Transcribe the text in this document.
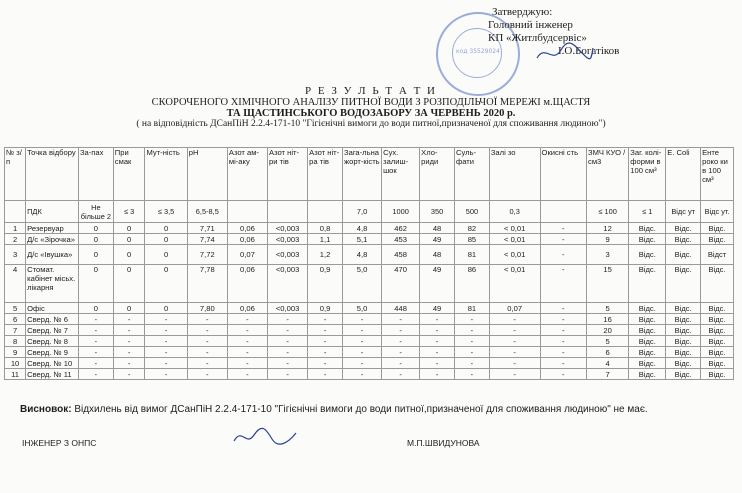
код 35529024
Затверджую:
Головний інженер
КП «Житлбудсервіс»
І.О.Богатіков
Р Е З У Л Ь Т А Т И
СКОРОЧЕНОГО ХІМІЧНОГО АНАЛІЗУ ПИТНОЇ ВОДИ З РОЗПОДІЛЬЧОЇ МЕРЕЖІ м.ЩАСТЯ
ТА ЩАСТИНСЬКОГО ВОДОЗАБОРУ ЗА ЧЕРВЕНЬ 2020 р.
( на відповідність ДСанПіН 2.2.4-171-10 "Гігієнічні вимоги до води питної,призначеної для споживання людиною")
№ з/п	Точка відбору	За-пах	При смак	Мут-ність	pH	Азот ам-мі-аку	Азот ніт-ри тів	Азот ніт-ра тів	Зага-льна жорт-кість	Сух. залиш-шок	Хло-риди	Суль-фати	Залі зо	Окисні сть	ЗМЧ КУО / см3	Заг. колі-форми в 100 см³	Е. Coli	Енте роко ки в 100 см³
	ПДК	Не більше 2	≤ 3	≤ 3,5	6,5-8,5				7,0	1000	350	500	0,3		≤ 100	≤ 1	Відс ут	Відс ут.
1	Резервуар	0	0	0	7,71	0,06	<0,003	0,8	4,8	462	48	82	< 0,01	-	12	Відс.	Відс.	Відс.
2	Д/с «Зірочка»	0	0	0	7,74	0,06	<0,003	1,1	5,1	453	49	85	< 0,01	-	9	Відс.	Відс.	Відс.
3	Д/с «Івушка»	0	0	0	7,72	0,07	<0,003	1,2	4,8	458	48	81	< 0,01	-	3	Відс.	Відс.	Відст
4	Стомат. кабінет місьх. лікарня	0	0	0	7,78	0,06	<0,003	0,9	5,0	470	49	86	< 0,01	-	15	Відс.	Відс.	Відс.
5	Офіс	0	0	0	7,80	0,06	<0,003	0,9	5,0	448	49	81	0,07	-	5	Відс.	Відс.	Відс.
6	Сверд. № 6	-	-	-	-	-	-	-	-	-	-	-	-	-	16	Відс.	Відс.	Відс.
7	Сверд. № 7	-	-	-	-	-	-	-	-	-	-	-	-	-	20	Відс.	Відс.	Відс.
8	Сверд. № 8	-	-	-	-	-	-	-	-	-	-	-	-	-	5	Відс.	Відс.	Відс.
9	Сверд. № 9	-	-	-	-	-	-	-	-	-	-	-	-	-	6	Відс.	Відс.	Відс.
10	Сверд. № 10	-	-	-	-	-	-	-	-	-	-	-	-	-	4	Відс.	Відс.	Відс.
11	Сверд. № 11	-	-	-	-	-	-	-	-	-	-	-	-	-	7	Відс.	Відс.	Відс.
Висновок: Відхилень від вимог ДСанПіН 2.2.4-171-10 "Гігієнічні вимоги до води питної,призначеної для споживання людиною" не має.
ІНЖЕНЕР З ОНПС	М.П.ШВИДУНОВА
